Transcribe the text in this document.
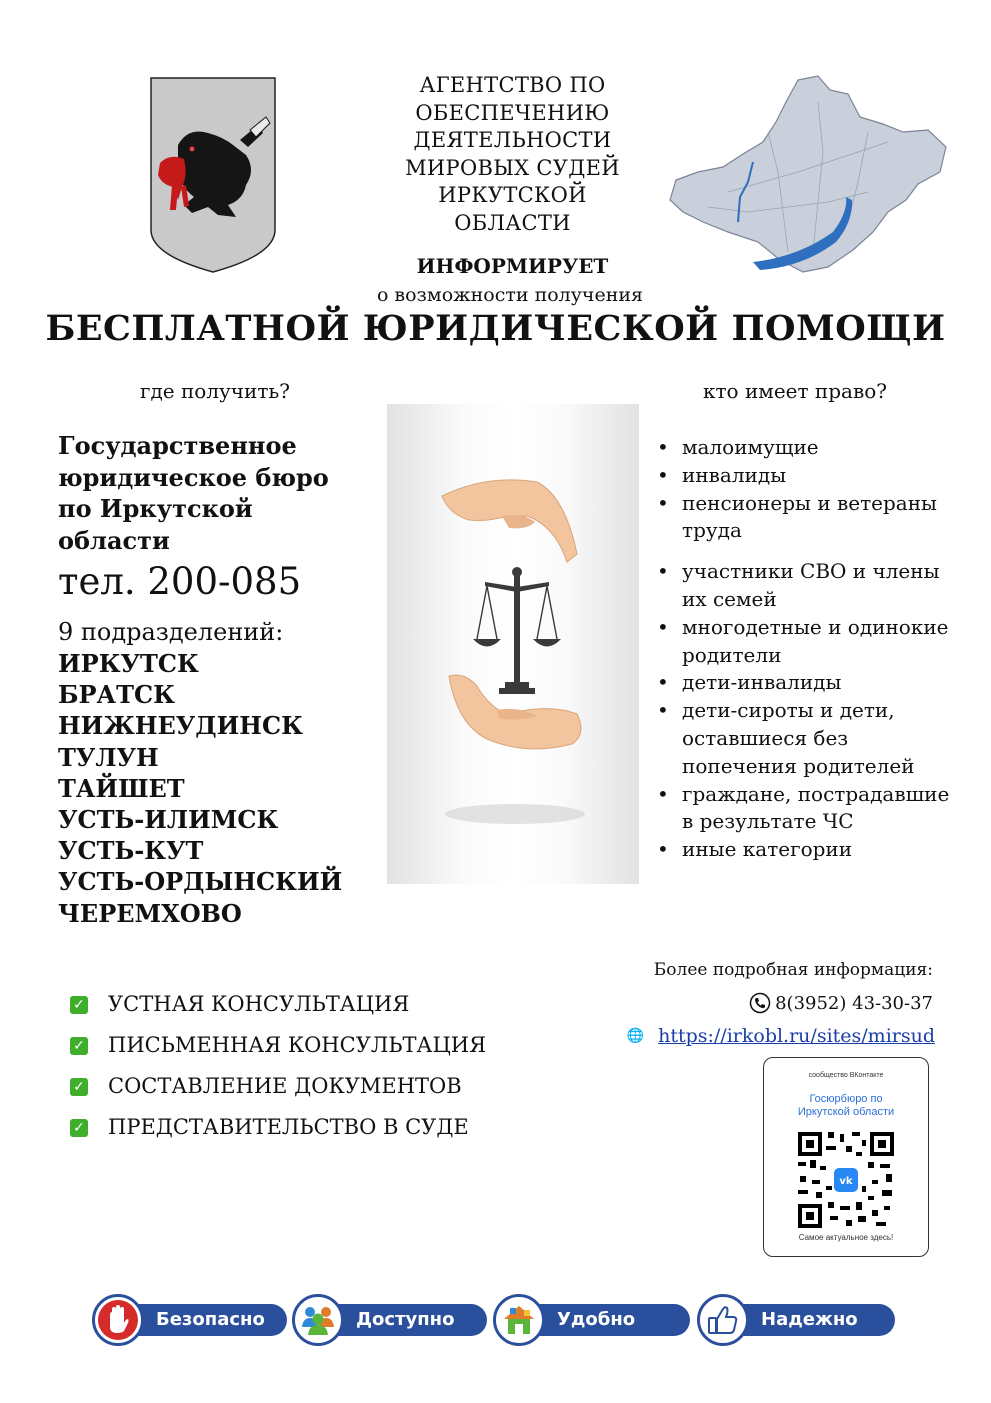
АГЕНТСТВО ПО
ОБЕСПЕЧЕНИЮ
ДЕЯТЕЛЬНОСТИ
МИРОВЫХ СУДЕЙ
ИРКУТСКОЙ
ОБЛАСТИ
ИНФОРМИРУЕТ
о возможности получения
БЕСПЛАТНОЙ ЮРИДИЧЕСКОЙ ПОМОЩИ
где получить?	кто имеет право?
Государственное
юридическое бюро
по Иркутской
области
тел. 200-085
9 подразделений:
ИРКУТСК
БРАТСК
НИЖНЕУДИНСК
ТУЛУН
ТАЙШЕТ
УСТЬ-ИЛИМСК
УСТЬ-КУТ
УСТЬ-ОРДЫНСКИЙ
ЧЕРЕМХОВО
• малоимущие
• инвалиды
• пенсионеры и ветераны труда
• участники СВО и члены их семей
• многодетные и одинокие родители
• дети-инвалиды
• дети-сироты и дети, оставшиеся без попечения родителей
• граждане, пострадавшие в результате ЧС
• иные категории
✓ УСТНАЯ КОНСУЛЬТАЦИЯ
✓ ПИСЬМЕННАЯ КОНСУЛЬТАЦИЯ
✓ СОСТАВЛЕНИЕ ДОКУМЕНТОВ
✓ ПРЕДСТАВИТЕЛЬСТВО В СУДЕ
Более подробная информация:
8(3952) 43-30-37
🌐 https://irkobl.ru/sites/mirsud
сообщество ВКонтакте
Госюрбюро по
Иркутской области
vk
Самое актуальное здесь!
Безопасно	Доступно	Удобно	Надежно
